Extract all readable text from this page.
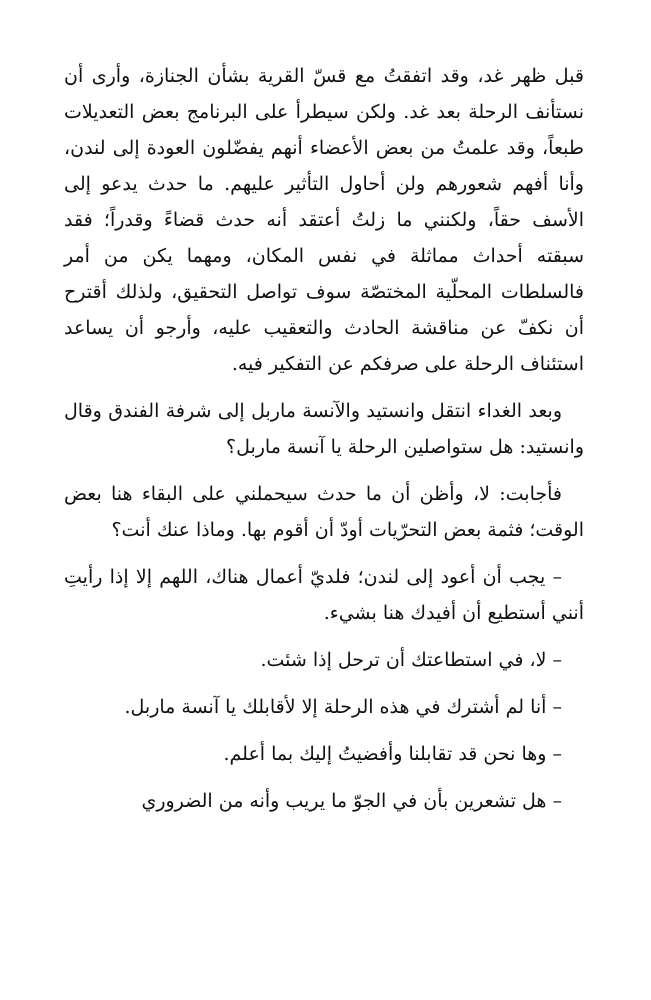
قبل ظهر غد، وقد اتفقتُ مع قسّ القرية بشأن الجنازة، وأرى أن نستأنف الرحلة بعد غد. ولكن سيطرأ على البرنامج بعض التعديلات طبعاً، وقد علمتُ من بعض الأعضاء أنهم يفضّلون العودة إلى لندن، وأنا أفهم شعورهم ولن أحاول التأثير عليهم. ما حدث يدعو إلى الأسف حقاً، ولكنني ما زلتُ أعتقد أنه حدث قضاءً وقدراً؛ فقد سبقته أحداث مماثلة في نفس المكان، ومهما يكن من أمر فالسلطات المحلّية المختصّة سوف تواصل التحقيق، ولذلك أقترح أن نكفّ عن مناقشة الحادث والتعقيب عليه، وأرجو أن يساعد استئناف الرحلة على صرفكم عن التفكير فيه.

وبعد الغداء انتقل وانستيد والآنسة ماربل إلى شرفة الفندق وقال وانستيد: هل ستواصلين الرحلة يا آنسة ماربل؟

فأجابت: لا، وأظن أن ما حدث سيحملني على البقاء هنا بعض الوقت؛ فثمة بعض التحرّيات أودّ أن أقوم بها. وماذا عنك أنت؟

– يجب أن أعود إلى لندن؛ فلديّ أعمال هناك، اللهم إلا إذا رأيتِ أنني أستطيع أن أفيدك هنا بشيء.

– لا، في استطاعتك أن ترحل إذا شئت.

– أنا لم أشترك في هذه الرحلة إلا لأقابلك يا آنسة ماربل.

– وها نحن قد تقابلنا وأفضيتُ إليك بما أعلم.

– هل تشعرين بأن في الجوّ ما يريب وأنه من الضروري
